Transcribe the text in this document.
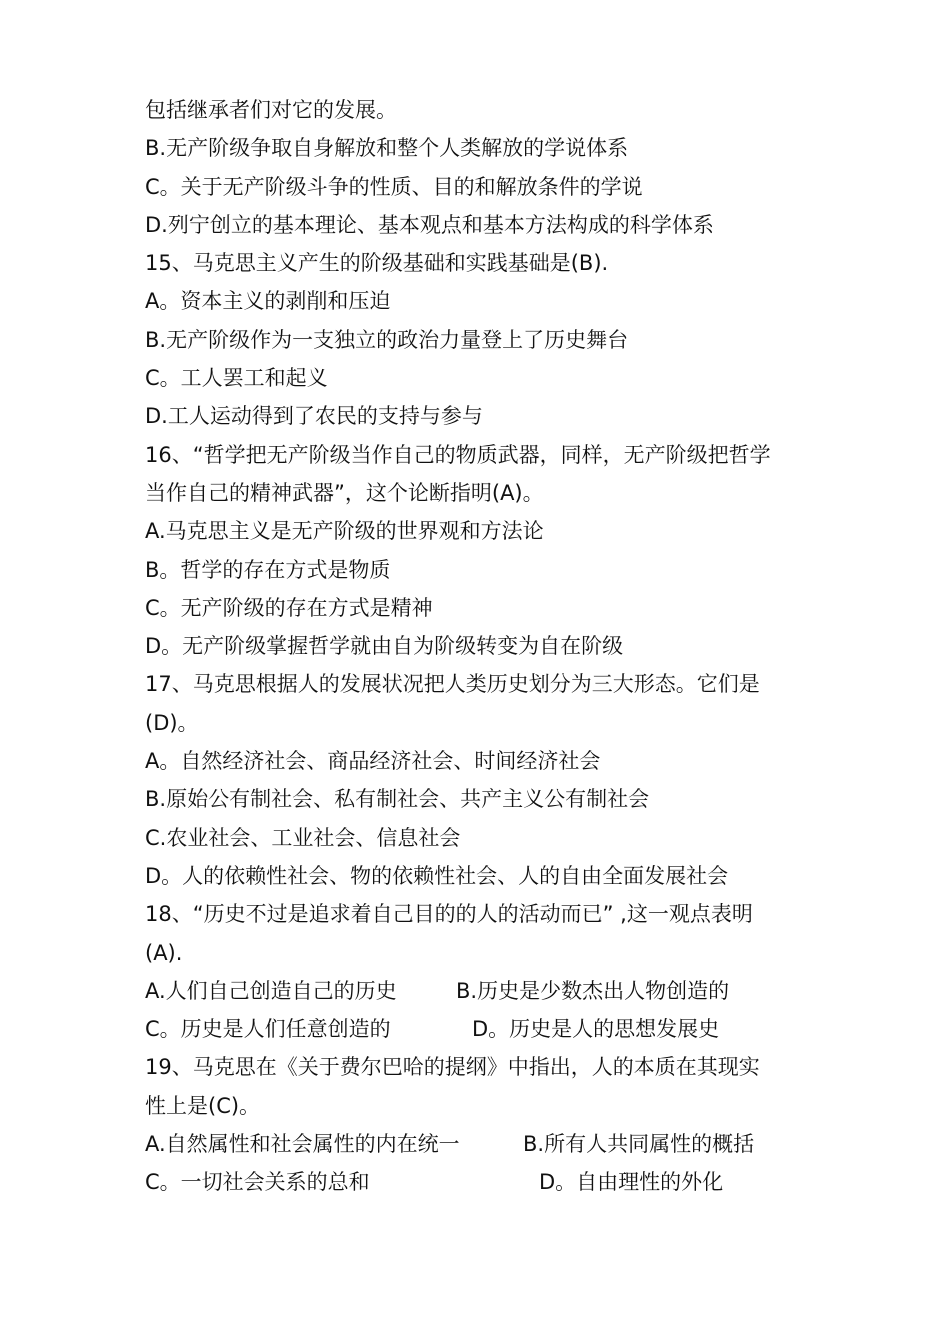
包括继承者们对它的发展。
B.无产阶级争取自身解放和整个人类解放的学说体系
C。关于无产阶级斗争的性质、目的和解放条件的学说
D.列宁创立的基本理论、基本观点和基本方法构成的科学体系
15、马克思主义产生的阶级基础和实践基础是(B).
A。资本主义的剥削和压迫
B.无产阶级作为一支独立的政治力量登上了历史舞台
C。工人罢工和起义
D.工人运动得到了农民的支持与参与
16、“哲学把无产阶级当作自己的物质武器，同样，无产阶级把哲学
当作自己的精神武器”，这个论断指明(A)。
A.马克思主义是无产阶级的世界观和方法论
B。哲学的存在方式是物质
C。无产阶级的存在方式是精神
D。无产阶级掌握哲学就由自为阶级转变为自在阶级
17、马克思根据人的发展状况把人类历史划分为三大形态。它们是
(D)。
A。自然经济社会、商品经济社会、时间经济社会
B.原始公有制社会、私有制社会、共产主义公有制社会
C.农业社会、工业社会、信息社会
D。人的依赖性社会、物的依赖性社会、人的自由全面发展社会
18、“历史不过是追求着自己目的的人的活动而已” ,这一观点表明
(A).
A.人们自己创造自己的历史	B.历史是少数杰出人物创造的
C。历史是人们任意创造的	D。历史是人的思想发展史
19、马克思在《关于费尔巴哈的提纲》中指出，人的本质在其现实
性上是(C)。
A.自然属性和社会属性的内在统一	B.所有人共同属性的概括
C。一切社会关系的总和	D。自由理性的外化
